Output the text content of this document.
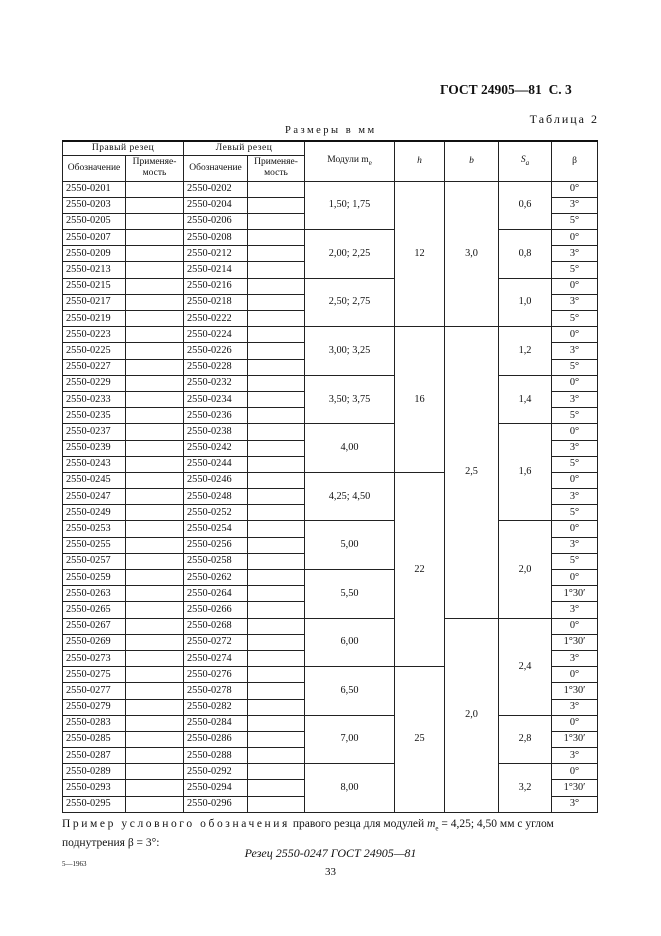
ГОСТ 24905—81 С. 3
Таблица 2
Размеры в мм
Правый резец		Левый резец		Модули $m_e$	h	b	$S_a$	β
Обозначение	Применяе-мость	Обозначение	Применяе-мость					
2550-0201		2550-0202		1,50; 1,75	12	3,0	0,6	0°
2550-0203		2550-0204						3°
2550-0205		2550-0206						5°
2550-0207		2550-0208		2,00; 2,25			0,8	0°
2550-0209		2550-0212						3°
2550-0213		2550-0214						5°
2550-0215		2550-0216		2,50; 2,75			1,0	0°
2550-0217		2550-0218						3°
2550-0219		2550-0222						5°
2550-0223		2550-0224		3,00; 3,25	16	2,5	1,2	0°
2550-0225		2550-0226						3°
2550-0227		2550-0228						5°
2550-0229		2550-0232		3,50; 3,75			1,4	0°
2550-0233		2550-0234						3°
2550-0235		2550-0236						5°
2550-0237		2550-0238		4,00			1,6	0°
2550-0239		2550-0242						3°
2550-0243		2550-0244						5°
2550-0245		2550-0246		4,25; 4,50	22			0°
2550-0247		2550-0248						3°
2550-0249		2550-0252						5°
2550-0253		2550-0254		5,00			2,0	0°
2550-0255		2550-0256						3°
2550-0257		2550-0258						5°
2550-0259		2550-0262		5,50				0°
2550-0263		2550-0264						1°30′
2550-0265		2550-0266						3°
2550-0267		2550-0268		6,00		2,0	2,4	0°
2550-0269		2550-0272						1°30′
2550-0273		2550-0274						3°
2550-0275		2550-0276		6,50	25			0°
2550-0277		2550-0278						1°30′
2550-0279		2550-0282						3°
2550-0283		2550-0284		7,00			2,8	0°
2550-0285		2550-0286						1°30′
2550-0287		2550-0288						3°
2550-0289		2550-0292		8,00			3,2	0°
2550-0293		2550-0294						1°30′
2550-0295		2550-0296						3°
Пример условного обозначения правого резца для модулей $m_e = 4,25$; 4,50 мм с углом поднутрения β = 3°:
Резец 2550-0247 ГОСТ 24905—81
5—1963
33
